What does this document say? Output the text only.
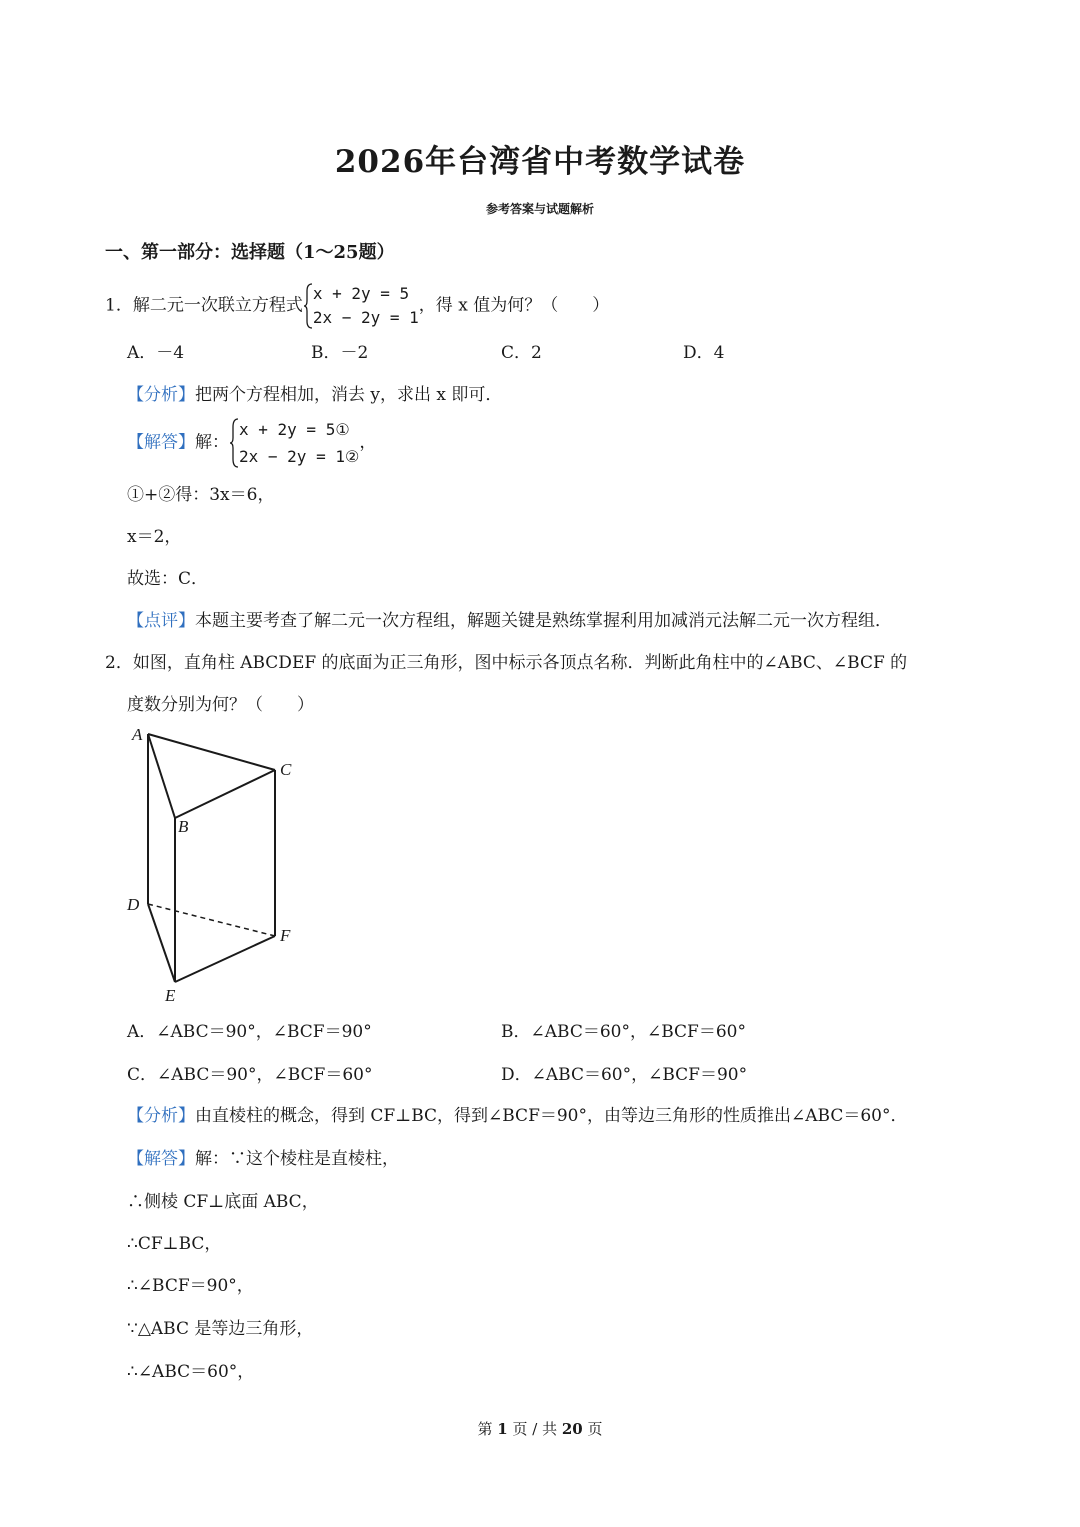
2026年台湾省中考数学试卷
参考答案与试题解析
一、第一部分：选择题（1～25题）
1．解二元一次联立方程式x + 2y = 5
2x − 2y = 1，得 x 值为何？（　　）
A．－4	B．－2	C．2	D．4
【分析】把两个方程相加，消去 y，求出 x 即可．
【解答】解：x + 2y = 5①
2x − 2y = 1②，
①+②得：3x＝6，
x＝2，
故选：C．
【点评】本题主要考查了解二元一次方程组，解题关键是熟练掌握利用加减消元法解二元一次方程组．
2．如图，直角柱 ABCDEF 的底面为正三角形，图中标示各顶点名称．判断此角柱中的∠ABC、∠BCF 的
度数分别为何？（　　）
A
B
C
D
E
F
A．∠ABC＝90°，∠BCF＝90°	B．∠ABC＝60°，∠BCF＝60°
C．∠ABC＝90°，∠BCF＝60°	D．∠ABC＝60°，∠BCF＝90°
【分析】由直棱柱的概念，得到 CF⊥BC，得到∠BCF＝90°，由等边三角形的性质推出∠ABC＝60°．
【解答】解：∵这个棱柱是直棱柱，
∴侧棱 CF⊥底面 ABC，
∴CF⊥BC，
∴∠BCF＝90°，
∵△ABC 是等边三角形，
∴∠ABC＝60°，
第 1 页 / 共 20 页
